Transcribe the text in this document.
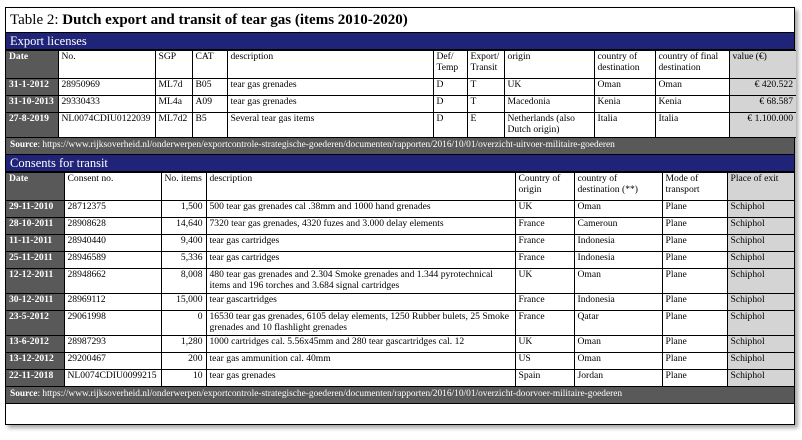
Table 2: Dutch export and transit of tear gas (items 2010-2020)
Export licenses
Date	No.	SGP	CAT	description	Def/ Temp	Export/ Transit	origin	country of destination	country of final destination	value (€)
31-1-2012	28950969	ML7d	B05	tear gas grenades	D	T	UK	Oman	Oman	€ 420.522
31-10-2013	29330433	ML4a	A09	tear gas grenades	D	T	Macedonia	Kenia	Kenia	€ 68.587
27-8-2019	NL0074CDIU0122039	ML7d2	B5	Several tear gas items	D	E	Netherlands (also Dutch origin)	Italia	Italia	€ 1.100.000
Source: https://www.rijksoverheid.nl/onderwerpen/exportcontrole-strategische-goederen/documenten/rapporten/2016/10/01/overzicht-uitvoer-militaire-goederen
Consents for transit
Date	Consent no.	No. items	description	Country of origin	country of destination (**)	Mode of transport	Place of exit
29-11-2010	28712375	1,500	500 tear gas grenades cal .38mm and 1000 hand grenades	UK	Oman	Plane	Schiphol
28-10-2011	28908628	14,640	7320 tear gas grenades, 4320 fuzes and 3.000 delay elements	France	Cameroun	Plane	Schiphol
11-11-2011	28940440	9,400	tear gas cartridges	France	Indonesia	Plane	Schiphol
25-11-2011	28946589	5,336	tear gas cartridges	France	Indonesia	Plane	Schiphol
12-12-2011	28948662	8,008	480 tear gas grenades and 2.304 Smoke grenades and 1.344 pyrotechnical items and 196 torches and 3.684 signal cartridges	UK	Oman	Plane	Schiphol
30-12-2011	28969112	15,000	tear gascartridges	France	Indonesia	Plane	Schiphol
23-5-2012	29061998	0	16530 tear gas grenades, 6105 delay elements, 1250 Rubber bulets, 25 Smoke grenades and 10 flashlight grenades	France	Qatar	Plane	Schiphol
13-6-2012	28987293	1,280	1000 cartridges cal. 5.56x45mm and 280 tear gascartridges cal. 12	UK	Oman	Plane	Schiphol
13-12-2012	29200467	200	tear gas ammunition cal. 40mm	US	Oman	Plane	Schiphol
22-11-2018	NL0074CDIU0099215	10	tear gas grenades	Spain	Jordan	Plane	Schiphol
Source: https://www.rijksoverheid.nl/onderwerpen/exportcontrole-strategische-goederen/documenten/rapporten/2016/10/01/overzicht-doorvoer-militaire-goederen
